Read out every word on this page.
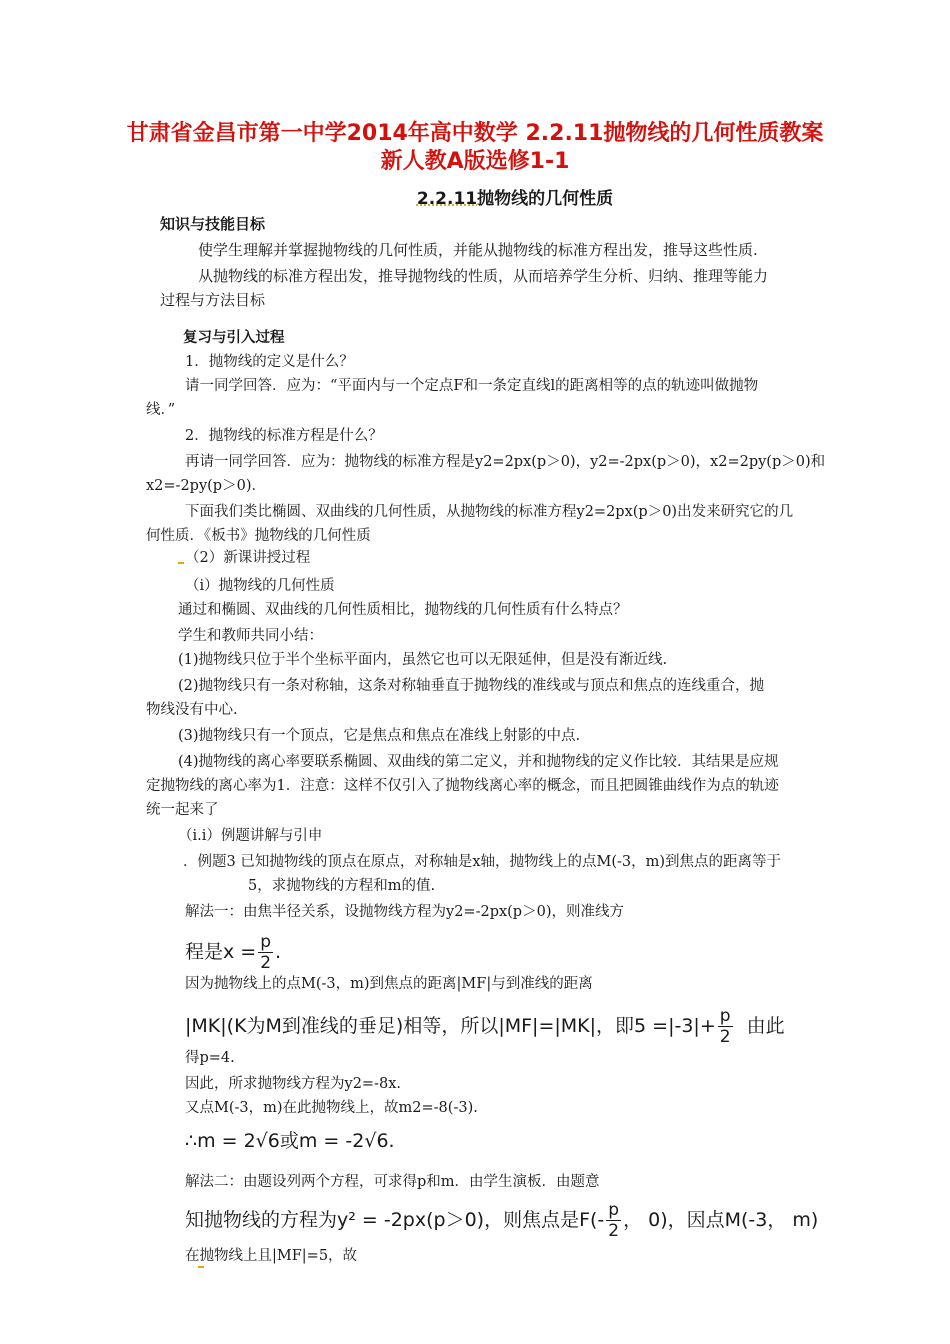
甘肃省金昌市第一中学2014年高中数学 2.2.11抛物线的几何性质教案
新人教A版选修1-1
2.2.11抛物线的几何性质
知识与技能目标
使学生理解并掌握抛物线的几何性质，并能从抛物线的标准方程出发，推导这些性质.
从抛物线的标准方程出发，推导抛物线的性质，从而培养学生分析、归纳、推理等能力
过程与方法目标
复习与引入过程
1．抛物线的定义是什么？
请一同学回答．应为：“平面内与一个定点F和一条定直线l的距离相等的点的轨迹叫做抛物
线．”
2．抛物线的标准方程是什么？
再请一同学回答．应为：抛物线的标准方程是y2=2px(p＞0)，y2=-2px(p＞0)，x2=2py(p＞0)和
x2=-2py(p＞0)．
下面我们类比椭圆、双曲线的几何性质，从抛物线的标准方程y2=2px(p＞0)出发来研究它的几
何性质．《板书》抛物线的几何性质
（2）新课讲授过程
（i）抛物线的几何性质
通过和椭圆、双曲线的几何性质相比，抛物线的几何性质有什么特点？
学生和教师共同小结：
(1)抛物线只位于半个坐标平面内，虽然它也可以无限延伸，但是没有渐近线.
(2)抛物线只有一条对称轴，这条对称轴垂直于抛物线的准线或与顶点和焦点的连线重合，抛
物线没有中心.
(3)抛物线只有一个顶点，它是焦点和焦点在准线上射影的中点.
(4)抛物线的离心率要联系椭圆、双曲线的第二定义，并和抛物线的定义作比较．其结果是应规
定抛物线的离心率为1．注意：这样不仅引入了抛物线离心率的概念，而且把圆锥曲线作为点的轨迹
统一起来了
（i.i）例题讲解与引申
．例题3 已知抛物线的顶点在原点，对称轴是x轴，抛物线上的点M(-3，m)到焦点的距离等于
5，求抛物线的方程和m的值.
解法一：由焦半径关系，设抛物线方程为y2=-2px(p＞0)，则准线方
程是$x = \frac{p}{2}$ .
因为抛物线上的点M(-3，m)到焦点的距离|MF|与到准线的距离
|MK|(K为M到准线的垂足)相等，所以|MF|=|MK|，即$5 =|-3|+ \frac{p}{2}$ 由此
得p=4.
因此，所求抛物线方程为y2=-8x.
又点M(-3，m)在此抛物线上，故m2=-8(-3).
∴m = 2√6或m = -2√6.
解法二：由题设列两个方程，可求得p和m．由学生演板．由题意
知抛物线的方程为y² = -2px(p＞0)，则焦点是$F(- \frac{p}{2}$ ， 0)，因点M(-3， m)
在抛物线上且|MF|=5，故
